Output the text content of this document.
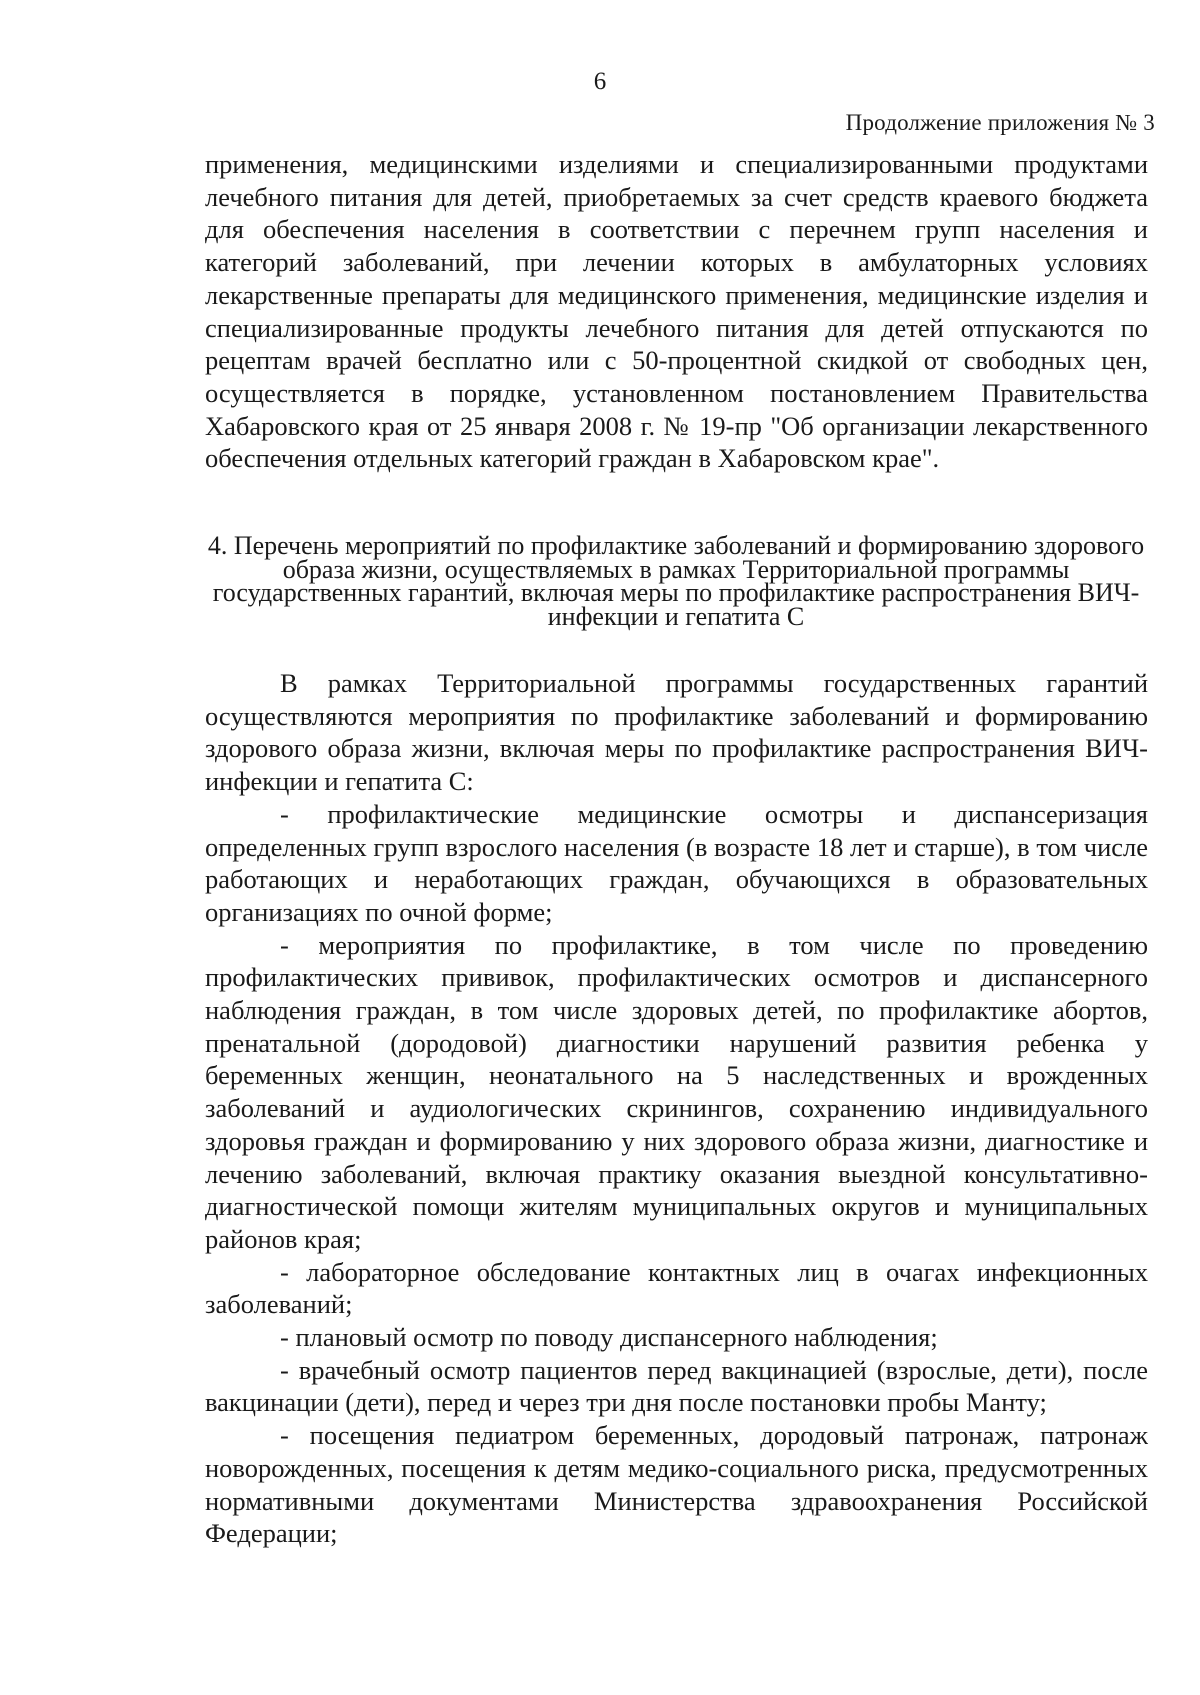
6
Продолжение приложения № 3

применения, медицинскими изделиями и специализированными продуктами лечебного питания для детей, приобретаемых за счет средств краевого бюджета для обеспечения населения в соответствии с перечнем групп населения и категорий заболеваний, при лечении которых в амбулаторных условиях лекарственные препараты для медицинского применения, медицинские изделия и специализированные продукты лечебного питания для детей отпускаются по рецептам врачей бесплатно или с 50-процентной скидкой от свободных цен, осуществляется в порядке, установленном постановлением Правительства Хабаровского края от 25 января 2008 г. № 19-пр "Об организации лекарственного обеспечения отдельных категорий граждан в Хабаровском крае".

4. Перечень мероприятий по профилактике заболеваний и формированию здорового образа жизни, осуществляемых в рамках Территориальной программы государственных гарантий, включая меры по профилактике распространения ВИЧ-инфекции и гепатита С

В рамках Территориальной программы государственных гарантий осуществляются мероприятия по профилактике заболеваний и формированию здорового образа жизни, включая меры по профилактике распространения ВИЧ-инфекции и гепатита С:

- профилактические медицинские осмотры и диспансеризация определенных групп взрослого населения (в возрасте 18 лет и старше), в том числе работающих и неработающих граждан, обучающихся в образовательных организациях по очной форме;

- мероприятия по профилактике, в том числе по проведению профилактических прививок, профилактических осмотров и диспансерного наблюдения граждан, в том числе здоровых детей, по профилактике абортов, пренатальной (дородовой) диагностики нарушений развития ребенка у беременных женщин, неонатального на 5 наследственных и врожденных заболеваний и аудиологических скринингов, сохранению индивидуального здоровья граждан и формированию у них здорового образа жизни, диагностике и лечению заболеваний, включая практику оказания выездной консультативно-диагностической помощи жителям муниципальных округов и муниципальных районов края;

- лабораторное обследование контактных лиц в очагах инфекционных заболеваний;

- плановый осмотр по поводу диспансерного наблюдения;

- врачебный осмотр пациентов перед вакцинацией (взрослые, дети), после вакцинации (дети), перед и через три дня после постановки пробы Манту;

- посещения педиатром беременных, дородовый патронаж, патронаж новорожденных, посещения к детям медико-социального риска, предусмотренных нормативными документами Министерства здравоохранения Российской Федерации;
